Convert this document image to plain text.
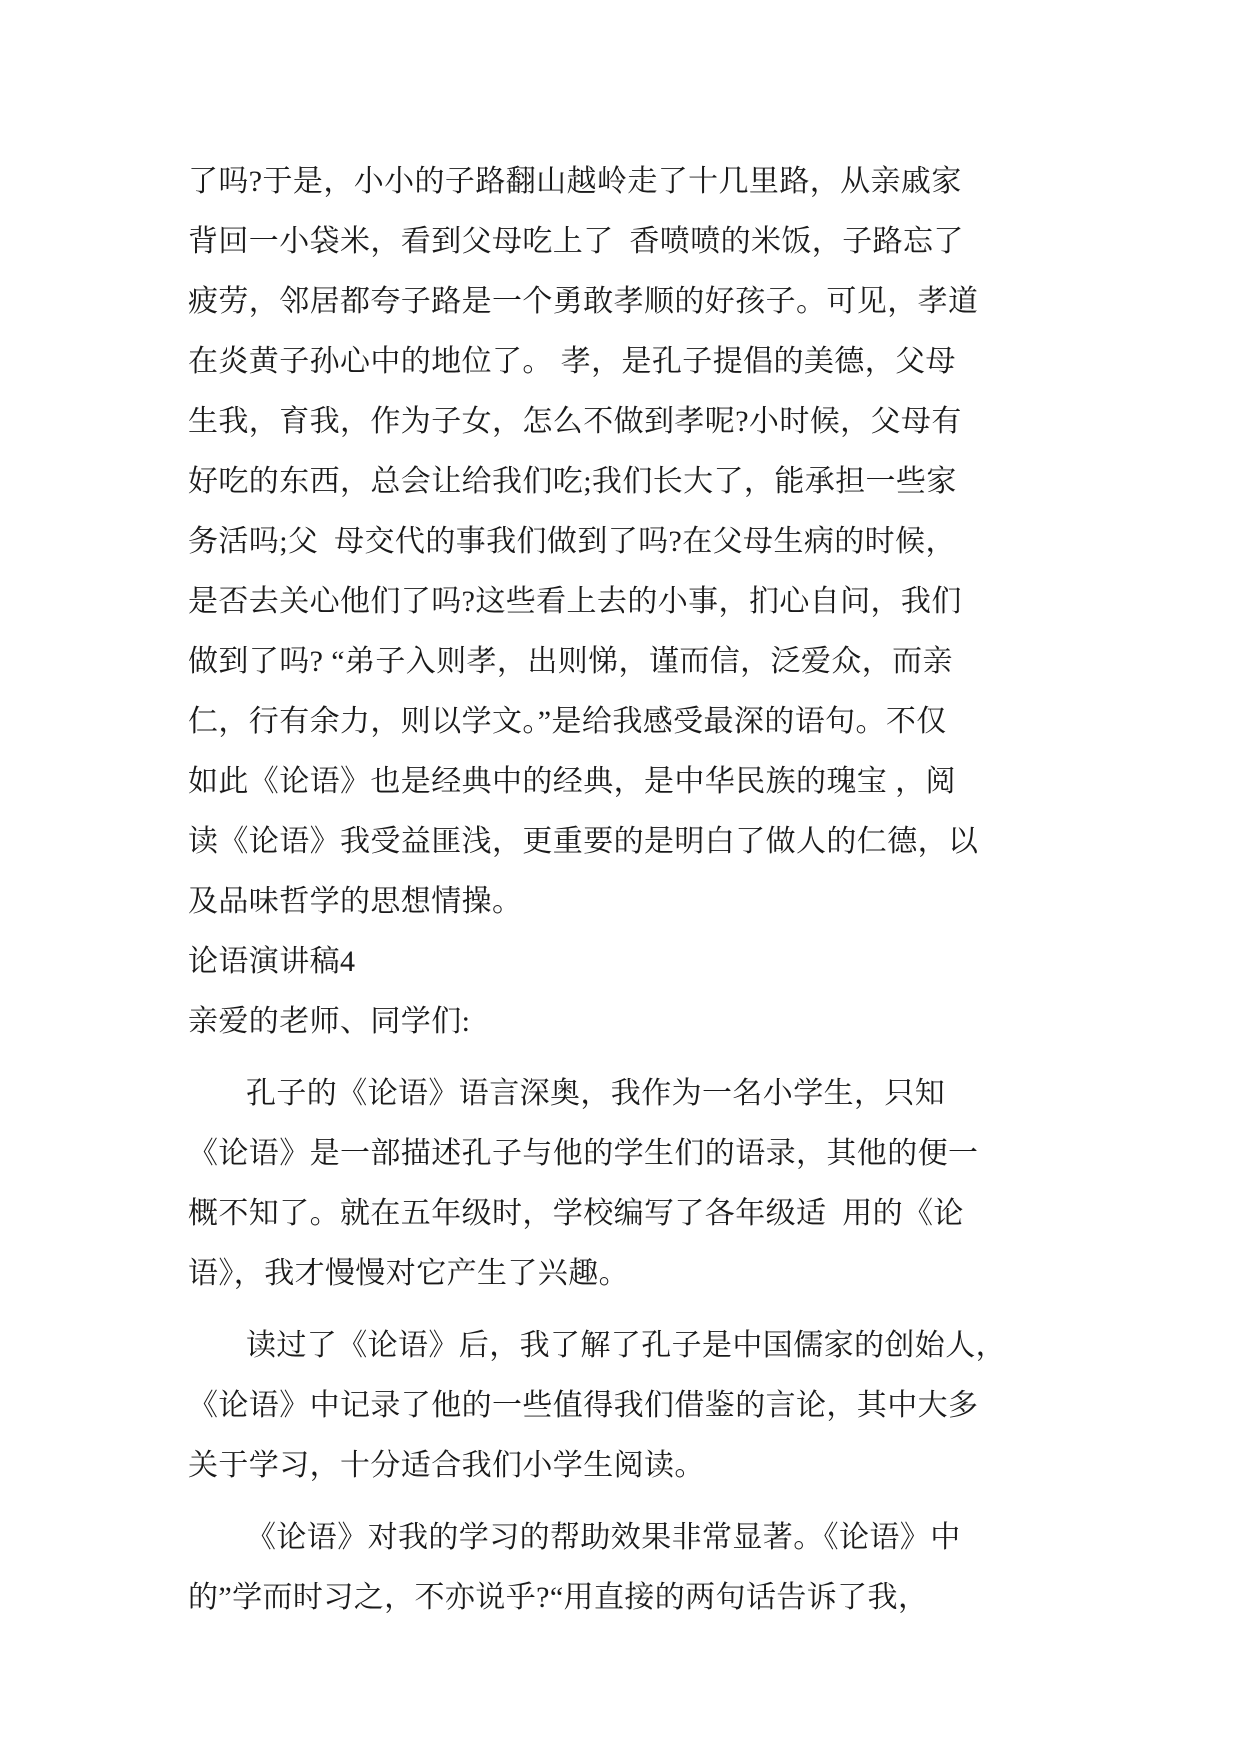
了吗?于是，小小的子路翻山越岭走了十几里路，从亲戚家
背回一小袋米，看到父母吃上了  香喷喷的米饭，子路忘了
疲劳，邻居都夸子路是一个勇敢孝顺的好孩子。可见，孝道
在炎黄子孙心中的地位了。 孝，是孔子提倡的美德，父母
生我，育我，作为子女，怎么不做到孝呢?小时候，父母有
好吃的东西，总会让给我们吃;我们长大了，能承担一些家
务活吗;父  母交代的事我们做到了吗?在父母生病的时候，
是否去关心他们了吗?这些看上去的小事，扪心自问，我们
做到了吗? “弟子入则孝，出则悌，谨而信，泛爱众，而亲
仁，行有余力，则以学文。”是给我感受最深的语句。不仅
如此《论语》也是经典中的经典，是中华民族的瑰宝 ，阅
读《论语》我受益匪浅，更重要的是明白了做人的仁德，以
及品味哲学的思想情操。
论语演讲稿4
亲爱的老师、同学们:
孔子的《论语》语言深奥，我作为一名小学生，只知
《论语》是一部描述孔子与他的学生们的语录，其他的便一
概不知了。就在五年级时，学校编写了各年级适  用的《论
语》，我才慢慢对它产生了兴趣。
读过了《论语》后，我了解了孔子是中国儒家的创始人，
《论语》中记录了他的一些值得我们借鉴的言论，其中大多
关于学习，十分适合我们小学生阅读。
《论语》对我的学习的帮助效果非常显著。《论语》中
的”学而时习之，不亦说乎?“用直接的两句话告诉了我，
